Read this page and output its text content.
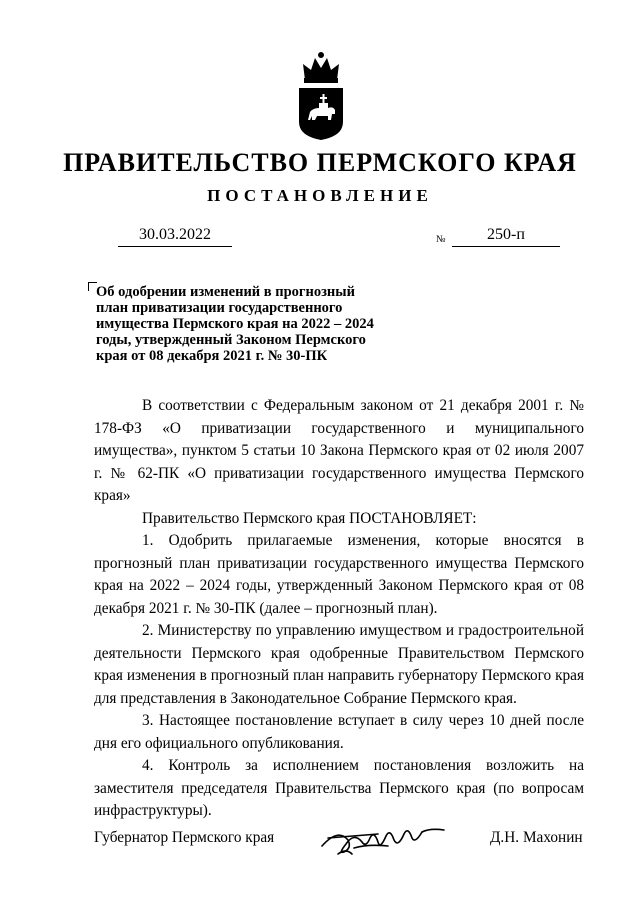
ПРАВИТЕЛЬСТВО ПЕРМСКОГО КРАЯ
ПОСТАНОВЛЕНИЕ
30.03.2022	№	250-п
Об одобрении изменений в прогнозный план приватизации государственного имущества Пермского края на 2022 – 2024 годы, утвержденный Законом Пермского края от 08 декабря 2021 г. № 30-ПК

В соответствии с Федеральным законом от 21 декабря 2001 г. № 178-ФЗ «О приватизации государственного и муниципального имущества», пунктом 5 статьи 10 Закона Пермского края от 02 июля 2007 г. № 62-ПК «О приватизации государственного имущества Пермского края»

Правительство Пермского края ПОСТАНОВЛЯЕТ:

1. Одобрить прилагаемые изменения, которые вносятся в прогнозный план приватизации государственного имущества Пермского края на 2022 – 2024 годы, утвержденный Законом Пермского края от 08 декабря 2021 г. № 30-ПК (далее – прогнозный план).

2. Министерству по управлению имуществом и градостроительной деятельности Пермского края одобренные Правительством Пермского края изменения в прогнозный план направить губернатору Пермского края для представления в Законодательное Собрание Пермского края.

3. Настоящее постановление вступает в силу через 10 дней после дня его официального опубликования.

4. Контроль за исполнением постановления возложить на заместителя председателя Правительства Пермского края (по вопросам инфраструктуры).

Губернатор Пермского края	Д.Н. Махонин
